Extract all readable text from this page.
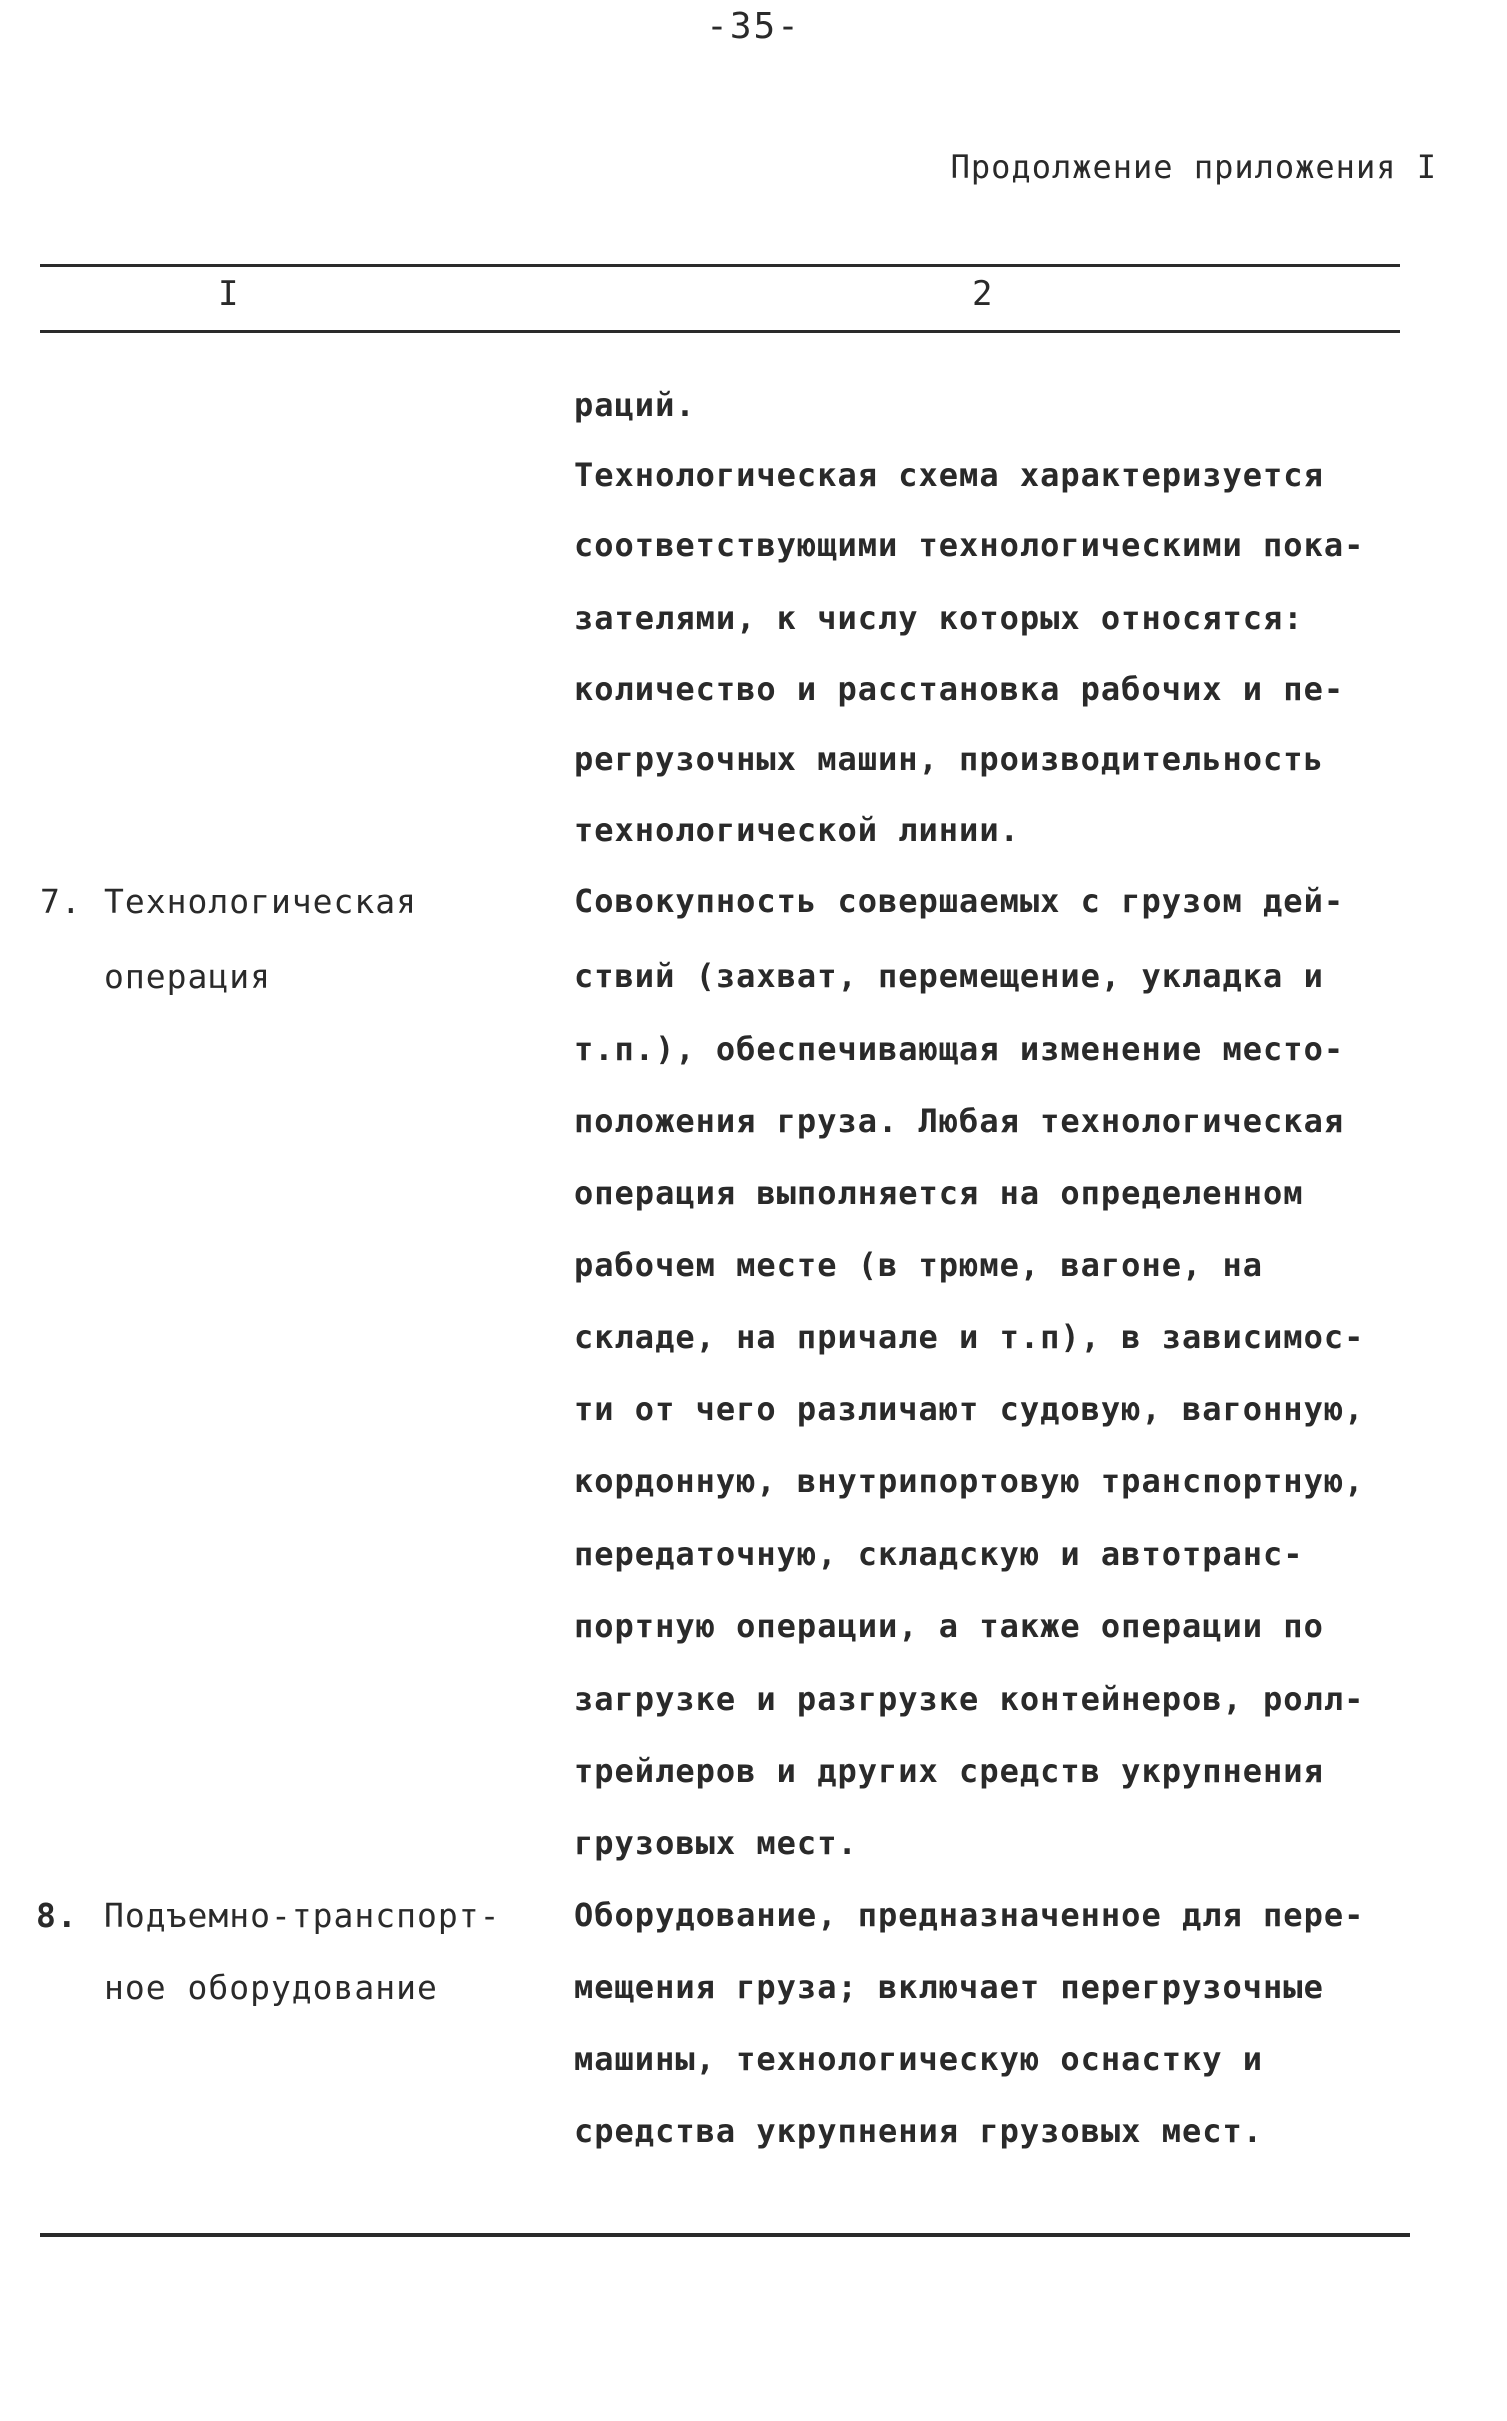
-35-
Продолжение приложения I
I	2
раций.
Технологическая схема характеризуется
соответствующими технологическими пока-
зателями, к числу которых относятся:
количество и расстановка рабочих и пе-
регрузочных машин, производительность
технологической линии.
7. Технологическая
операция
Совокупность совершаемых с грузом дей-
ствий (захват, перемещение, укладка и
т.п.), обеспечивающая изменение место-
положения груза. Любая технологическая
операция выполняется на определенном
рабочем месте (в трюме, вагоне, на
складе, на причале и т.п), в зависимос-
ти от чего различают судовую, вагонную,
кордонную, внутрипортовую транспортную,
передаточную, складскую и автотранс-
портную операции, а также операции по
загрузке и разгрузке контейнеров, ролл-
трейлеров и других средств укрупнения
грузовых мест.
8. Подъемно-транспорт-
ное оборудование
Оборудование, предназначенное для пере-
мещения груза; включает перегрузочные
машины, технологическую оснастку и
средства укрупнения грузовых мест.
